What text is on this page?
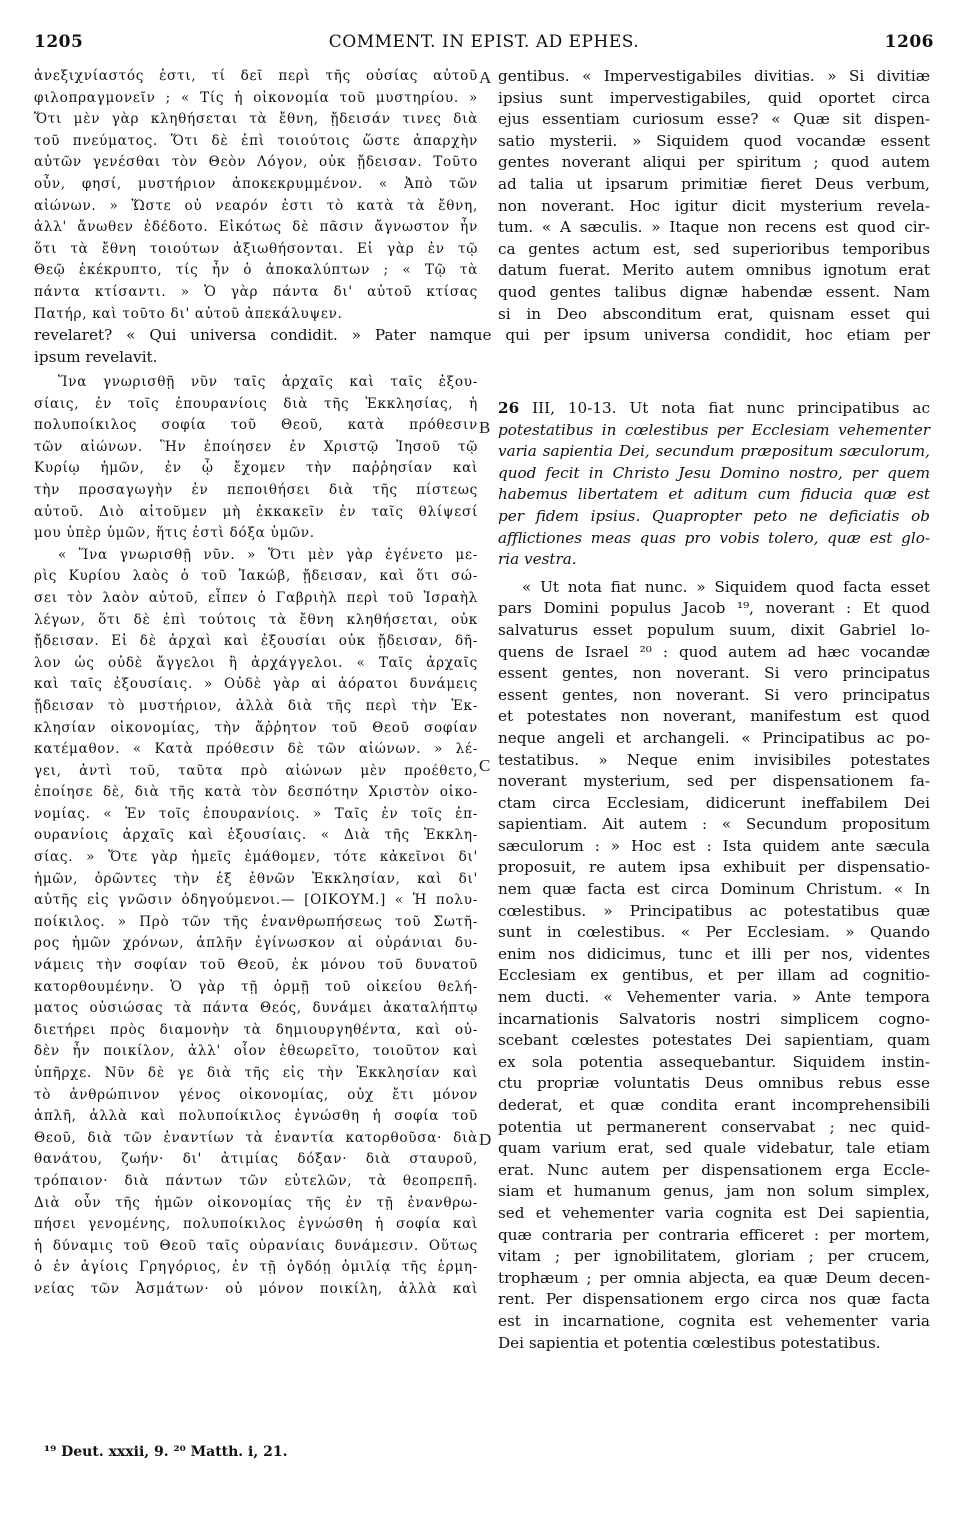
1205	COMMENT. IN EPIST. AD EPHES.	1206
ἀνεξιχνίαστός ἐστι, τί δεῖ περὶ τῆς οὐσίας αὐτοῦ
φιλοπραγμονεῖν ; « Τίς ἡ οἰκονομία τοῦ μυστηρίου. »
Ὅτι μὲν γὰρ κληθήσεται τὰ ἔθνη, ᾔδεισάν τινες διὰ
τοῦ πνεύματος. Ὅτι δὲ ἐπὶ τοιούτοις ὥστε ἀπαρχὴν
αὐτῶν γενέσθαι τὸν Θεὸν Λόγον, οὐκ ᾔδεισαν. Τοῦτο
οὖν, φησί, μυστήριον ἀποκεκρυμμένον. « Ἀπὸ τῶν
αἰώνων. » Ὥστε οὐ νεαρόν ἐστι τὸ κατὰ τὰ ἔθνη,
ἀλλ' ἄνωθεν ἐδέδοτο. Εἰκότως δὲ πᾶσιν ἄγνωστον ἦν
ὅτι τὰ ἔθνη τοιούτων ἀξιωθήσονται. Εἰ γὰρ ἐν τῷ
Θεῷ ἐκέκρυπτο, τίς ἦν ὁ ἀποκαλύπτων ; « Τῷ τὰ
πάντα κτίσαντι. » Ὁ γὰρ πάντα δι' αὐτοῦ κτίσας
Πατήρ, καὶ τοῦτο δι' αὐτοῦ ἀπεκάλυψεν.
A gentibus. « Impervestigabiles divitias. » Si divitiæ
ipsius sunt impervestigabiles, quid oportet circa
ejus essentiam curiosum esse? « Quæ sit dispen-
satio mysterii. » Siquidem quod vocandæ essent
gentes noverant aliqui per spiritum ; quod autem
ad talia ut ipsarum primitiæ fieret Deus verbum,
non noverant. Hoc igitur dicit mysterium revela-
tum. « A sæculis. » Itaque non recens est quod cir-
ca gentes actum est, sed superioribus temporibus
datum fuerat. Merito autem omnibus ignotum erat
quod gentes talibus dignæ habendæ essent. Nam
si in Deo absconditum erat, quisnam esset qui
revelaret? « Qui universa condidit. » Pater namque qui per ipsum universa condidit, hoc etiam per
ipsum revelavit.
Ἵνα γνωρισθῇ νῦν ταῖς ἀρχαῖς καὶ ταῖς ἐξου-
σίαις, ἐν τοῖς ἐπουρανίοις διὰ τῆς Ἐκκλησίας, ἡ
πολυποίκιλος σοφία τοῦ Θεοῦ, κατὰ πρόθεσιν
τῶν αἰώνων. Ἣν ἐποίησεν ἐν Χριστῷ Ἰησοῦ τῷ
Κυρίῳ ἡμῶν, ἐν ᾧ ἔχομεν τὴν παῤῥησίαν καὶ
τὴν προσαγωγὴν ἐν πεποιθήσει διὰ τῆς πίστεως
αὐτοῦ. Διὸ αἰτοῦμεν μὴ ἐκκακεῖν ἐν ταῖς θλίψεσί
μου ὑπὲρ ὑμῶν, ἥτις ἐστὶ δόξα ὑμῶν.
« Ἵνα γνωρισθῇ νῦν. » Ὅτι μὲν γὰρ ἐγένετο με-
ρὶς Κυρίου λαὸς ὁ τοῦ Ἰακώβ, ᾔδεισαν, καὶ ὅτι σώ-
σει τὸν λαὸν αὐτοῦ, εἶπεν ὁ Γαβριὴλ περὶ τοῦ Ἰσραὴλ
λέγων, ὅτι δὲ ἐπὶ τούτοις τὰ ἔθνη κληθήσεται, οὐκ
ᾔδεισαν. Εἰ δὲ ἀρχαὶ καὶ ἐξουσίαι οὐκ ᾔδεισαν, δῆ-
λον ὡς οὐδὲ ἄγγελοι ἢ ἀρχάγγελοι. « Ταῖς ἀρχαῖς
καὶ ταῖς ἐξουσίαις. » Οὐδὲ γὰρ αἱ ἀόρατοι δυνάμεις
ᾔδεισαν τὸ μυστήριον, ἀλλὰ διὰ τῆς περὶ τὴν Ἐκ-
κλησίαν οἰκονομίας, τὴν ἄῤῥητον τοῦ Θεοῦ σοφίαν
κατέμαθον. « Κατὰ πρόθεσιν δὲ τῶν αἰώνων. » λέ-
γει, ἀντὶ τοῦ, ταῦτα πρὸ αἰώνων μὲν προέθετο,
ἐποίησε δὲ, διὰ τῆς κατὰ τὸν δεσπότην Χριστὸν οἰκο-
νομίας. « Ἐν τοῖς ἐπουρανίοις. » Ταῖς ἐν τοῖς ἐπ-
ουρανίοις ἀρχαῖς καὶ ἐξουσίαις. « Διὰ τῆς Ἐκκλη-
σίας. » Ὅτε γὰρ ἡμεῖς ἐμάθομεν, τότε κἀκεῖνοι δι'
ἡμῶν, ὁρῶντες τὴν ἐξ ἐθνῶν Ἐκκλησίαν, καὶ δι'
αὐτῆς εἰς γνῶσιν ὁδηγούμενοι.— [ΟΙΚΟΥΜ.] « Ἡ πολυ-
ποίκιλος. » Πρὸ τῶν τῆς ἐνανθρωπήσεως τοῦ Σωτῆ-
ρος ἡμῶν χρόνων, ἁπλῆν ἐγίνωσκον αἱ οὐράνιαι δυ-
νάμεις τὴν σοφίαν τοῦ Θεοῦ, ἐκ μόνου τοῦ δυνατοῦ
κατορθουμένην. Ὁ γὰρ τῇ ὁρμῇ τοῦ οἰκείου θελή-
ματος οὐσιώσας τὰ πάντα Θεός, δυνάμει ἀκαταλήπτῳ
διετήρει πρὸς διαμονὴν τὰ δημιουργηθέντα, καὶ οὐ-
δὲν ἦν ποικίλον, ἀλλ' οἷον ἐθεωρεῖτο, τοιοῦτον καὶ
ὑπῆρχε. Νῦν δὲ γε διὰ τῆς εἰς τὴν Ἐκκλησίαν καὶ
τὸ ἀνθρώπινον γένος οἰκονομίας, οὐχ ἔτι μόνον
ἁπλῆ, ἀλλὰ καὶ πολυποίκιλος ἐγνώσθη ἡ σοφία τοῦ
Θεοῦ, διὰ τῶν ἐναντίων τὰ ἐναντία κατορθοῦσα· διὰ
θανάτου, ζωήν· δι' ἀτιμίας δόξαν· διὰ σταυροῦ,
τρόπαιον· διὰ πάντων τῶν εὐτελῶν, τὰ θεοπρεπῆ.
Διὰ οὖν τῆς ἡμῶν οἰκονομίας τῆς ἐν τῇ ἐνανθρω-
πήσει γενομένης, πολυποίκιλος ἐγνώσθη ἡ σοφία καὶ
ἡ δύναμις τοῦ Θεοῦ ταῖς οὐρανίαις δυνάμεσιν. Οὕτως
ὁ ἐν ἁγίοις Γρηγόριος, ἐν τῇ ὀγδόῃ ὁμιλίᾳ τῆς ἑρμη-
νείας τῶν Ἀσμάτων· οὐ μόνον ποικίλη, ἀλλὰ καὶ
B
C
D
26 III, 10-13. Ut nota fiat nunc principatibus ac
potestatibus in cœlestibus per Ecclesiam vehementer
varia sapientia Dei, secundum præpositum sæculorum,
quod fecit in Christo Jesu Domino nostro, per quem
habemus libertatem et aditum cum fiducia quæ est
per fidem ipsius. Quapropter peto ne deficiatis ob
afflictiones meas quas pro vobis tolero, quæ est glo-
ria vestra.
« Ut nota fiat nunc. » Siquidem quod facta esset
pars Domini populus Jacob ¹⁹, noverant : Et quod
salvaturus esset populum suum, dixit Gabriel lo-
quens de Israel ²⁰ : quod autem ad hæc vocandæ
essent gentes, non noverant. Si vero principatus
essent gentes, non noverant. Si vero principatus
et potestates non noverant, manifestum est quod
neque angeli et archangeli. « Principatibus ac po-
testatibus. » Neque enim invisibiles potestates
noverant mysterium, sed per dispensationem fa-
ctam circa Ecclesiam, didicerunt ineffabilem Dei
sapientiam. Ait autem : « Secundum propositum
sæculorum : » Hoc est : Ista quidem ante sæcula
proposuit, re autem ipsa exhibuit per dispensatio-
nem quæ facta est circa Dominum Christum. « In
cœlestibus. » Principatibus ac potestatibus quæ
sunt in cœlestibus. « Per Ecclesiam. » Quando
enim nos didicimus, tunc et illi per nos, videntes
Ecclesiam ex gentibus, et per illam ad cognitio-
nem ducti. « Vehementer varia. » Ante tempora
incarnationis Salvatoris nostri simplicem cogno-
scebant cœlestes potestates Dei sapientiam, quam
ex sola potentia assequebantur. Siquidem instin-
ctu propriæ voluntatis Deus omnibus rebus esse
dederat, et quæ condita erant incomprehensibili
potentia ut permanerent conservabat ; nec quid-
quam varium erat, sed quale videbatur, tale etiam
erat. Nunc autem per dispensationem erga Eccle-
siam et humanum genus, jam non solum simplex,
sed et vehementer varia cognita est Dei sapientia,
quæ contraria per contraria efficeret : per mortem,
vitam ; per ignobilitatem, gloriam ; per crucem,
trophæum ; per omnia abjecta, ea quæ Deum decen-
rent. Per dispensationem ergo circa nos quæ facta
est in incarnatione, cognita est vehementer varia
Dei sapientia et potentia cœlestibus potestatibus.
¹⁹ Deut. xxxii, 9. ²⁰ Matth. i, 21.
